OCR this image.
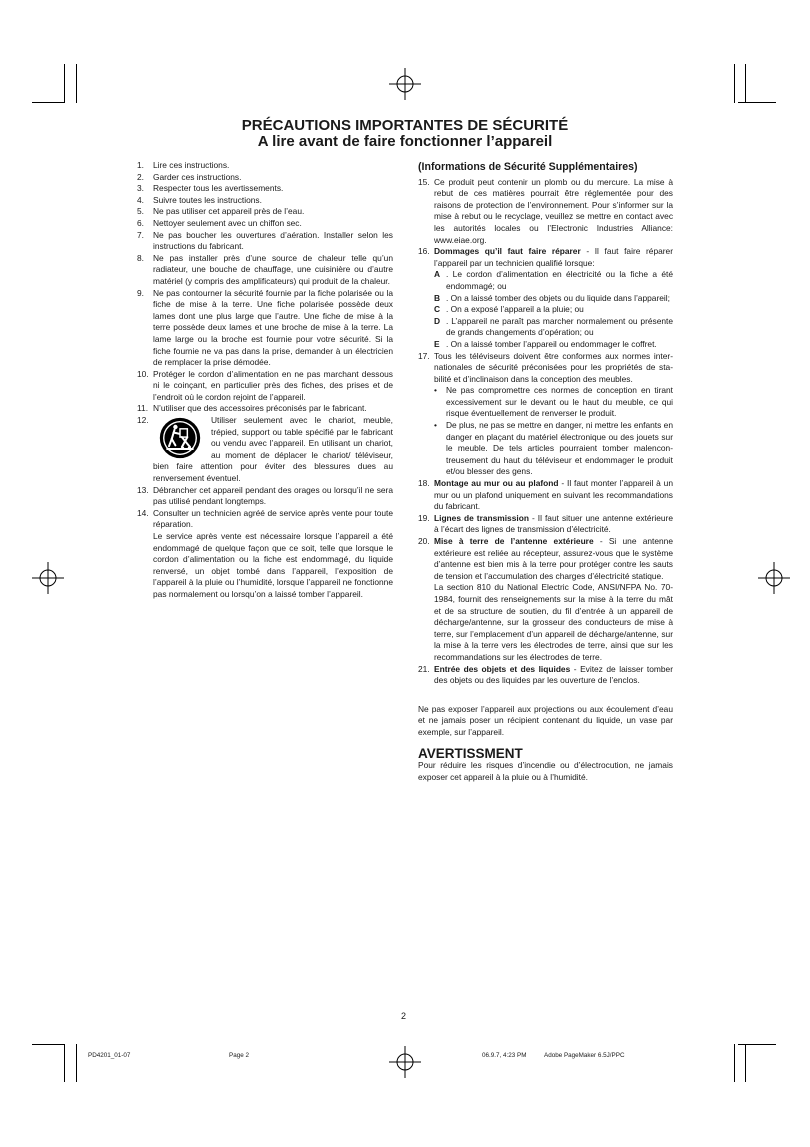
PRÉCAUTIONS IMPORTANTES DE SÉCURITÉ
A lire avant de faire fonctionner l’appareil
1. Lire ces instructions.
2. Garder ces instructions.
3. Respecter tous les avertissements.
4. Suivre toutes les instructions.
5. Ne pas utiliser cet appareil près de l’eau.
6. Nettoyer seulement avec un chiffon sec.
7. Ne pas boucher les ouvertures d’aération. Installer selon les instructions du fabricant.
8. Ne pas installer près d’une source de chaleur telle qu’un radiateur, une bouche de chauffage, une cuisinière ou d’autre matériel (y compris des amplificateurs) qui produit de la chaleur.
9. Ne pas contourner la sécurité fournie par la fiche polarisée ou la fiche de mise à la terre. Une fiche polarisée possède deux lames dont une plus large que l’autre. Une fiche de mise à la terre possède deux lames et une broche de mise à la terre. La lame large ou la broche est fournie pour votre sécurité. Si la fiche fournie ne va pas dans la prise, demander à un électricien de remplacer la prise démodée.
10. Protéger le cordon d’alimentation en ne pas marchant dessous ni le coinçant, en particulier près des fiches, des prises et de l’endroit où le cordon rejoint de l’appareil.
11. N’utiliser que des accessoires préconisés par le fabricant.
12.	Utiliser seulement avec le chariot, meuble, trépied, support ou table spécifié par le fabricant ou vendu avec l’appareil. En utilisant un chariot, au moment de déplacer le chariot/ téléviseur, bien faire attention pour éviter des blessures dues au renversement éventuel.
13. Débrancher cet appareil pendant des orages ou lorsqu’il ne sera pas utilisé pendant longtemps.
14. Consulter un technicien agréé de service après vente pour toute réparation.
Le service après vente est nécessaire lorsque l’appareil a été endommagé de quelque façon que ce soit, telle que lorsque le cordon d’alimentation ou la fiche est endommagé, du liquide renversé, un objet tombé dans l’appareil, l’exposition de l’appareil à la pluie ou l’humidité, lorsque l’appareil ne fonctionne pas normalement ou lorsqu’on a laissé tomber l’appareil.
(Informations de Sécurité Supplémentaires)
15. Ce produit peut contenir un plomb ou du mercure. La mise à rebut de ces matières pourrait être réglementée pour des raisons de protection de l’environnement. Pour s’informer sur la mise à rebut ou le recyclage, veuillez se mettre en contact avec les autorités locales ou l’Electronic Industries Alliance: www.eiae.org.
16. Dommages qu’il faut faire réparer - Il faut faire réparer l’appareil par un technicien qualifié lorsque:
A . Le cordon d’alimentation en électricité ou la fiche a été endommagé; ou
B . On a laissé tomber des objets ou du liquide dans l’appareil;
C . On a exposé l’appareil a la pluie; ou
D . L’appareil ne paraît pas marcher normalement ou présente de grands changements d’opération; ou
E . On a laissé tomber l’appareil ou endommager le coffret.
17. Tous les téléviseurs doivent être conformes aux normes inter-nationales de sécurité préconisées pour les propriétés de sta-bilité et d’inclinaison dans la conception des meubles.
• Ne pas compromettre ces normes de conception en tirant excessivement sur le devant ou le haut du meuble, ce qui risque éventuellement de renverser le produit.
• De plus, ne pas se mettre en danger, ni mettre les enfants en danger en plaçant du matériel électronique ou des jouets sur le meuble. De tels articles pourraient tomber malencon-treusement du haut du téléviseur et endommager le produit et/ou blesser des gens.
18. Montage au mur ou au plafond - Il faut monter l’appareil à un mur ou un plafond uniquement en suivant les recommandations du fabricant.
19. Lignes de transmission - Il faut situer une antenne extérieure à l’écart des lignes de transmission d’électricité.
20. Mise à terre de l’antenne extérieure - Si une antenne extérieure est reliée au récepteur, assurez-vous que le système d’antenne est bien mis à la terre pour protéger contre les sauts de tension et l’accumulation des charges d’électricité statique.
La section 810 du National Electric Code, ANSI/NFPA No. 70-1984, fournit des renseignements sur la mise à la terre du mât et de sa structure de soutien, du fil d’entrée à un appareil de décharge/antenne, sur la grosseur des conducteurs de mise à terre, sur l’emplacement d’un appareil de décharge/antenne, sur la mise à la terre vers les électrodes de terre, ainsi que sur les recommandations sur les électrodes de terre.
21. Entrée des objets et des liquides - Evitez de laisser tomber des objets ou des liquides par les ouverture de l’enclos.
Ne pas exposer l’appareil aux projections ou aux écoulement d’eau et ne jamais poser un récipient contenant du liquide, un vase par exemple, sur l’appareil.
AVERTISSMENT
Pour réduire les risques d’incendie ou d’électrocution, ne jamais exposer cet appareil à la pluie ou à l’humidité.
2
PD4201_01-07	Page 2	06.9.7, 4:23 PM	Adobe PageMaker 6.5J/PPC
